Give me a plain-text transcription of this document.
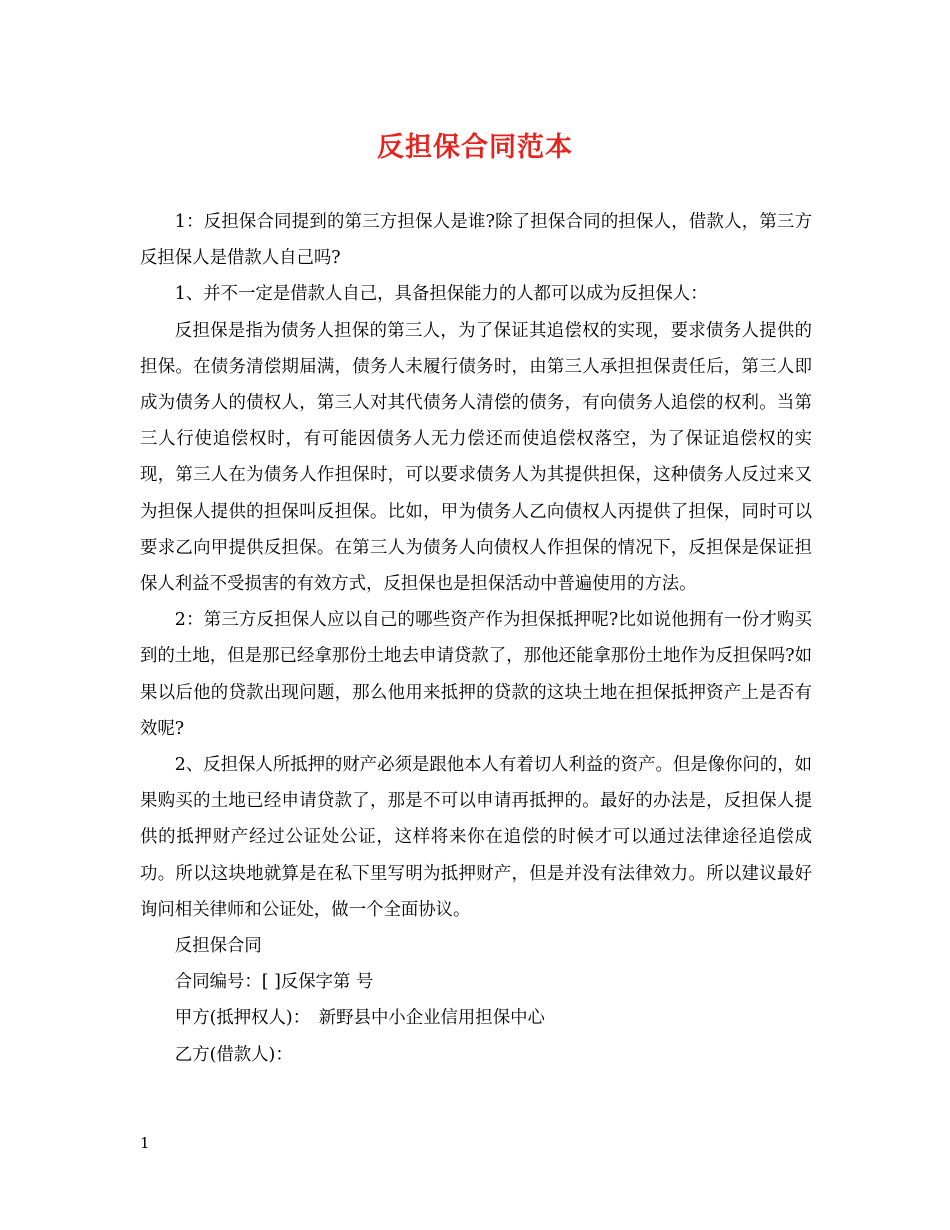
反担保合同范本

1：反担保合同提到的第三方担保人是谁?除了担保合同的担保人，借款人，第三方反担保人是借款人自己吗?

1、并不一定是借款人自己，具备担保能力的人都可以成为反担保人：

反担保是指为债务人担保的第三人，为了保证其追偿权的实现，要求债务人提供的担保。在债务清偿期届满，债务人未履行债务时，由第三人承担担保责任后，第三人即成为债务人的债权人，第三人对其代债务人清偿的债务，有向债务人追偿的权利。当第三人行使追偿权时，有可能因债务人无力偿还而使追偿权落空，为了保证追偿权的实现，第三人在为债务人作担保时，可以要求债务人为其提供担保，这种债务人反过来又为担保人提供的担保叫反担保。比如，甲为债务人乙向债权人丙提供了担保，同时可以要求乙向甲提供反担保。在第三人为债务人向债权人作担保的情况下，反担保是保证担保人利益不受损害的有效方式，反担保也是担保活动中普遍使用的方法。

2：第三方反担保人应以自己的哪些资产作为担保抵押呢?比如说他拥有一份才购买到的土地，但是那已经拿那份土地去申请贷款了，那他还能拿那份土地作为反担保吗?如果以后他的贷款出现问题，那么他用来抵押的贷款的这块土地在担保抵押资产上是否有效呢?

2、反担保人所抵押的财产必须是跟他本人有着切人利益的资产。但是像你问的，如果购买的土地已经申请贷款了，那是不可以申请再抵押的。最好的办法是，反担保人提供的抵押财产经过公证处公证，这样将来你在追偿的时候才可以通过法律途径追偿成功。所以这块地就算是在私下里写明为抵押财产，但是并没有法律效力。所以建议最好询问相关律师和公证处，做一个全面协议。

反担保合同

合同编号：[ ]反保字第 号

甲方(抵押权人)：　新野县中小企业信用担保中心

乙方(借款人)：

1
